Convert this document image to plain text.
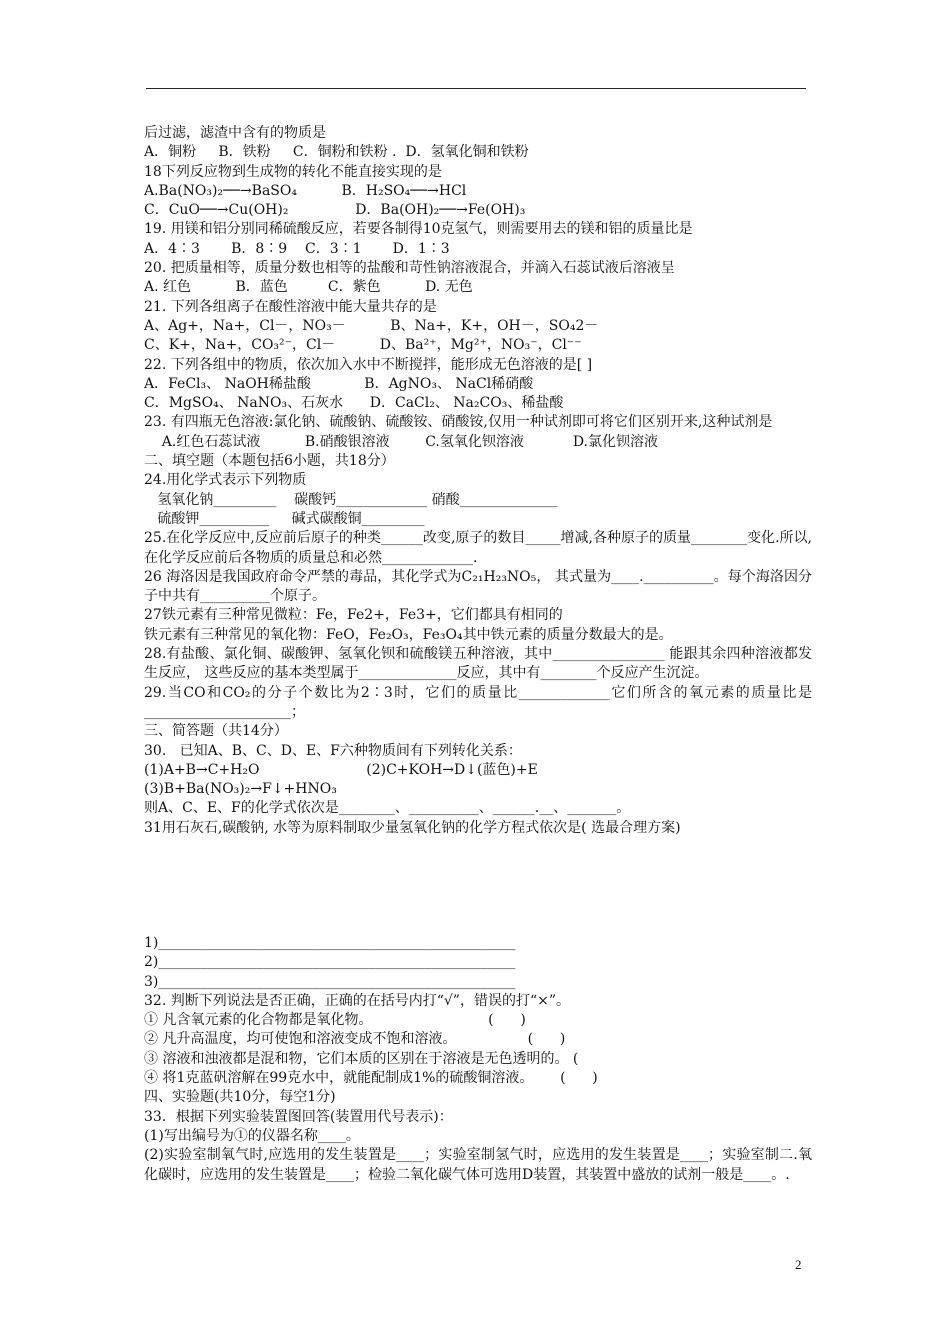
后过滤，滤渣中含有的物质是
A．铜粉     B．铁粉     C．铜粉和铁粉 .  D．氢氧化铜和铁粉
18下列反应物到生成物的转化不能直接实现的是
A.Ba(NO₃)₂──→BaSO₄          B．H₂SO₄──→HCl
C．CuO──→Cu(OH)₂               D．Ba(OH)₂──→Fe(OH)₃
19. 用镁和铝分别同稀硫酸反应，若要各制得10克氢气，则需要用去的镁和铝的质量比是
A．4∶3       B．8∶9    C．3∶1       D．1∶3
20. 把质量相等，质量分数也相等的盐酸和苛性钠溶液混合，并滴入石蕊试液后溶液呈
A. 红色          B．蓝色         C．紫色          D. 无色
21. 下列各组离子在酸性溶液中能大量共存的是
A、Ag+，Na+，Cl－，NO₃－          B、Na+，K+，OH－，SO₄2－
C、K+，Na+，CO₃²⁻，Cl－          D、Ba²⁺，Mg²⁺，NO₃⁻，Cl⁻⁻
22. 下列各组中的物质，依次加入水中不断搅拌，能形成无色溶液的是[ ]
A．FeCl₃、 NaOH稀盐酸            B．AgNO₃、 NaCl稀硝酸
C．MgSO₄、 NaNO₃、石灰水      D．CaCl₂、 Na₂CO₃、稀盐酸
23. 有四瓶无色溶液:氯化钠、硫酸钠、硫酸铵、硝酸铵,仅用一种试剂即可将它们区别开来,这种试剂是
A.红色石蕊试液          B.硝酸银溶液        C.氢氧化钡溶液           D.氯化钡溶液
二、填空题（本题包括6小题，共18分）
24.用化学式表示下列物质
氢氧化钠_________    碳酸钙_____________ 硝酸______________
硫酸钾__________     碱式碳酸铜_________
25.在化学反应中,反应前后原子的种类______改变,原子的数目_____增减,各种原子的质量________变化.所以,在化学反应前后各物质的质量总和必然_____________.
26 海洛因是我国政府命令严禁的毒品，其化学式为C₂₁H₂₃NO₅， 其式量为____.__________。每个海洛因分子中共有__________个原子。
27铁元素有三种常见微粒：Fe，Fe2+，Fe3+，它们都具有相同的
铁元素有三种常见的氧化物：FeO，Fe₂O₃，Fe₃O₄其中铁元素的质量分数最大的是。
28.有盐酸、氯化铜、碳酸钾、氢氧化钡和硫酸镁五种溶液，其中________________ 能跟其余四种溶液都发生反应， 这些反应的基本类型属于______________反应，其中有________个反应产生沉淀。
29.当CO和CO₂的分子个数比为2∶3时，它们的质量比_____________它们所含的氧元素的质量比是_____________________；
三、简答题（共14分）
30.   已知A、B、C、D、E、F六种物质间有下列转化关系：
(1)A+B→C+H₂O                        (2)C+KOH→D↓(蓝色)+E
(3)B+Ba(NO₃)₂→F↓+HNO₃
则A、C、E、F的化学式依次是________、__________、______.__、_______。
31用石灰石,碳酸钠, 水等为原料制取少量氢氧化钠的化学方程式依次是( 选最合理方案)
1)___________________________________________________
2)___________________________________________________
3)___________________________________________________
32. 判断下列说法是否正确，正确的在括号内打“√”，错误的打“×”。
① 凡含氧元素的化合物都是氧化物。                          (      )
② 凡升高温度，均可使饱和溶液变成不饱和溶液。                (      )
③ 溶液和浊液都是混和物，它们本质的区别在于溶液是无色透明的。 (
④ 将1克蓝矾溶解在99克水中，就能配制成1%的硫酸铜溶液。      (      )
四、实验题(共10分，每空1分)
33．根据下列实验装置图回答(装置用代号表示)：
(1)写出编号为①的仪器名称____。
(2)实验室制氧气时,应选用的发生装置是____；实验室制氢气时，应选用的发生装置是____；实验室制二.氧化碳时，应选用的发生装置是____；检验二氧化碳气体可选用D装置，其装置中盛放的试剂一般是____。.
2
